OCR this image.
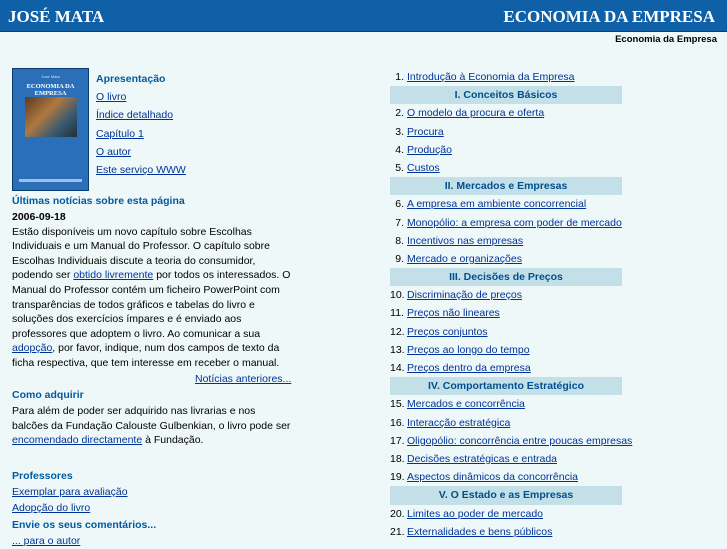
JOSÉ MATA	ECONOMIA DA EMPRESA
Economia da Empresa
José Mata
ECONOMIA DA EMPRESA
Apresentação
O livro
Índice detalhado
Capítulo 1
O autor
Este serviço WWW
Últimas notícias sobre esta página
2006-09-18
Estão disponíveis um novo capítulo sobre Escolhas Individuais e um Manual do Professor. O capítulo sobre Escolhas Individuais discute a teoria do consumidor, podendo ser obtido livremente por todos os interessados. O Manual do Professor contém um ficheiro PowerPoint com transparências de todos gráficos e tabelas do livro e soluções dos exercícios ímpares e é enviado aos professores que adoptem o livro. Ao comunicar a sua adopção, por favor, indique, num dos campos de texto da ficha respectiva, que tem interesse em receber o manual.
Notícias anteriores...
Como adquirir
Para além de poder ser adquirido nas livrarias e nos balcões da Fundação Calouste Gulbenkian, o livro pode ser encomendado directamente à Fundação.
Professores
Exemplar para avaliação
Adopção do livro
Envie os seus comentários...
... para o autor
1. Introdução à Economia da Empresa
I. Conceitos Básicos
2. O modelo da procura e oferta
3. Procura
4. Produção
5. Custos
II. Mercados e Empresas
6. A empresa em ambiente concorrencial
7. Monopólio: a empresa com poder de mercado
8. Incentivos nas empresas
9. Mercado e organizações
III. Decisões de Preços
10. Discriminação de preços
11. Preços não lineares
12. Preços conjuntos
13. Preços ao longo do tempo
14. Preços dentro da empresa
IV. Comportamento Estratégico
15. Mercados e concorrência
16. Interacção estratégica
17. Oligopólio: concorrência entre poucas empresas
18. Decisões estratégicas e entrada
19. Aspectos dinâmicos da concorrência
V. O Estado e as Empresas
20. Limites ao poder de mercado
21. Externalidades e bens públicos
